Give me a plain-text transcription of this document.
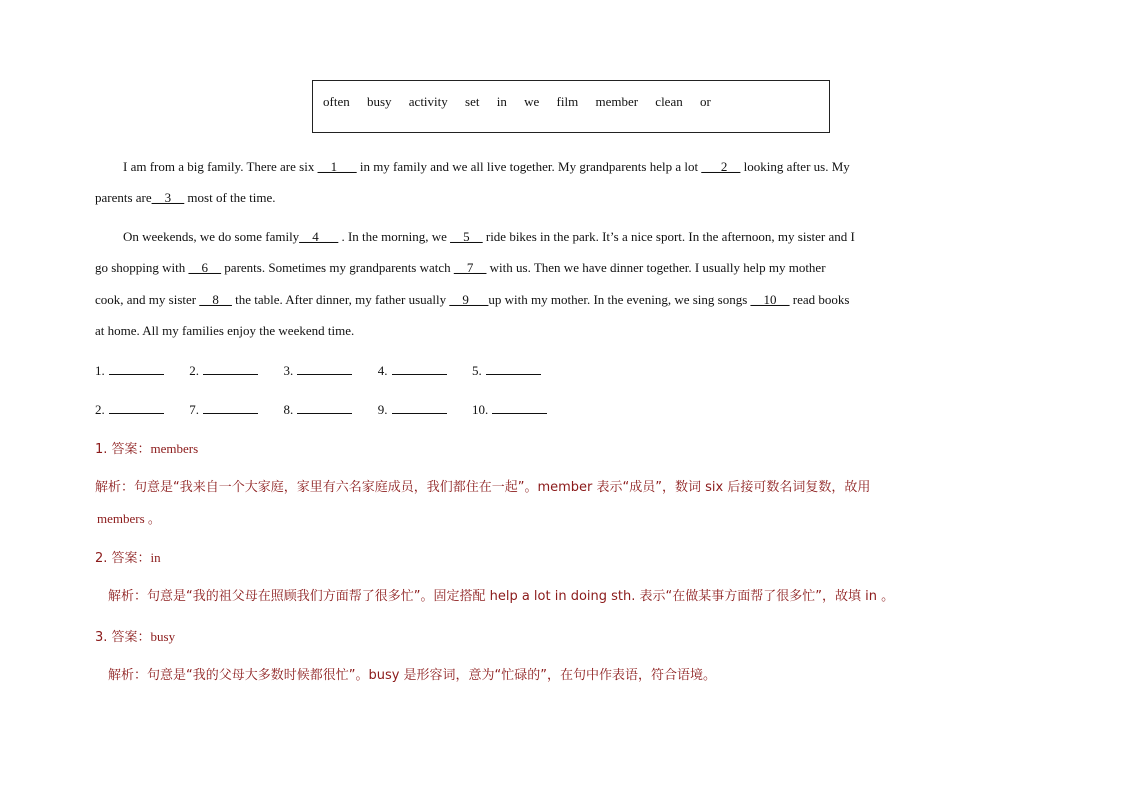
often busy activity set in we film member clean or
I am from a big family. There are six __1___ in my family and we all live together. My grandparents help a lot ___2__ looking after us. My
parents are__3__ most of the time.
On weekends, we do some family__4___ . In the morning, we __5__ ride bikes in the park. It’s a nice sport. In the afternoon, my sister and I
go shopping with __6__ parents. Sometimes my grandparents watch __7__ with us. Then we have dinner together. I usually help my mother
cook, and my sister __8__ the table. After dinner, my father usually __9___up with my mother. In the evening, we sing songs __10__ read books
at home. All my families enjoy the weekend time.
1.	2.	3.	4.	5.
2.	7.	8.	9.	10.
1. 答案：members
解析：句意是“我来自一个大家庭，家里有六名家庭成员，我们都住在一起”。member 表示“成员”，数词 six 后接可数名词复数，故用
members 。
2. 答案：in
解析：句意是“我的祖父母在照顾我们方面帮了很多忙”。固定搭配 help a lot in doing sth. 表示“在做某事方面帮了很多忙”，故填 in 。
3. 答案：busy
解析：句意是“我的父母大多数时候都很忙”。busy 是形容词，意为“忙碌的”，在句中作表语，符合语境。
